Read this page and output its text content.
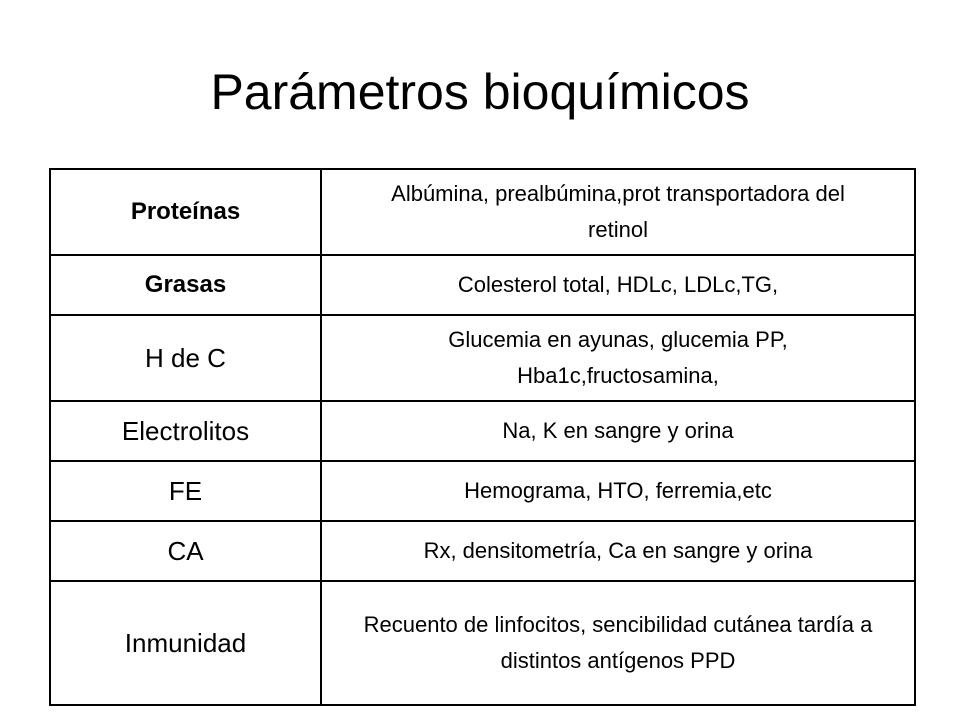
Parámetros bioquímicos
Proteínas	Albúmina, prealbúmina,prot transportadora del retinol
Grasas	Colesterol total, HDLc, LDLc,TG,
H de C	Glucemia en ayunas, glucemia PP, Hba1c,fructosamina,
Electrolitos	Na, K en sangre y orina
FE	Hemograma, HTO, ferremia,etc
CA	Rx, densitometría, Ca en sangre y orina
Inmunidad	Recuento de linfocitos, sencibilidad cutánea tardía a distintos antígenos PPD
